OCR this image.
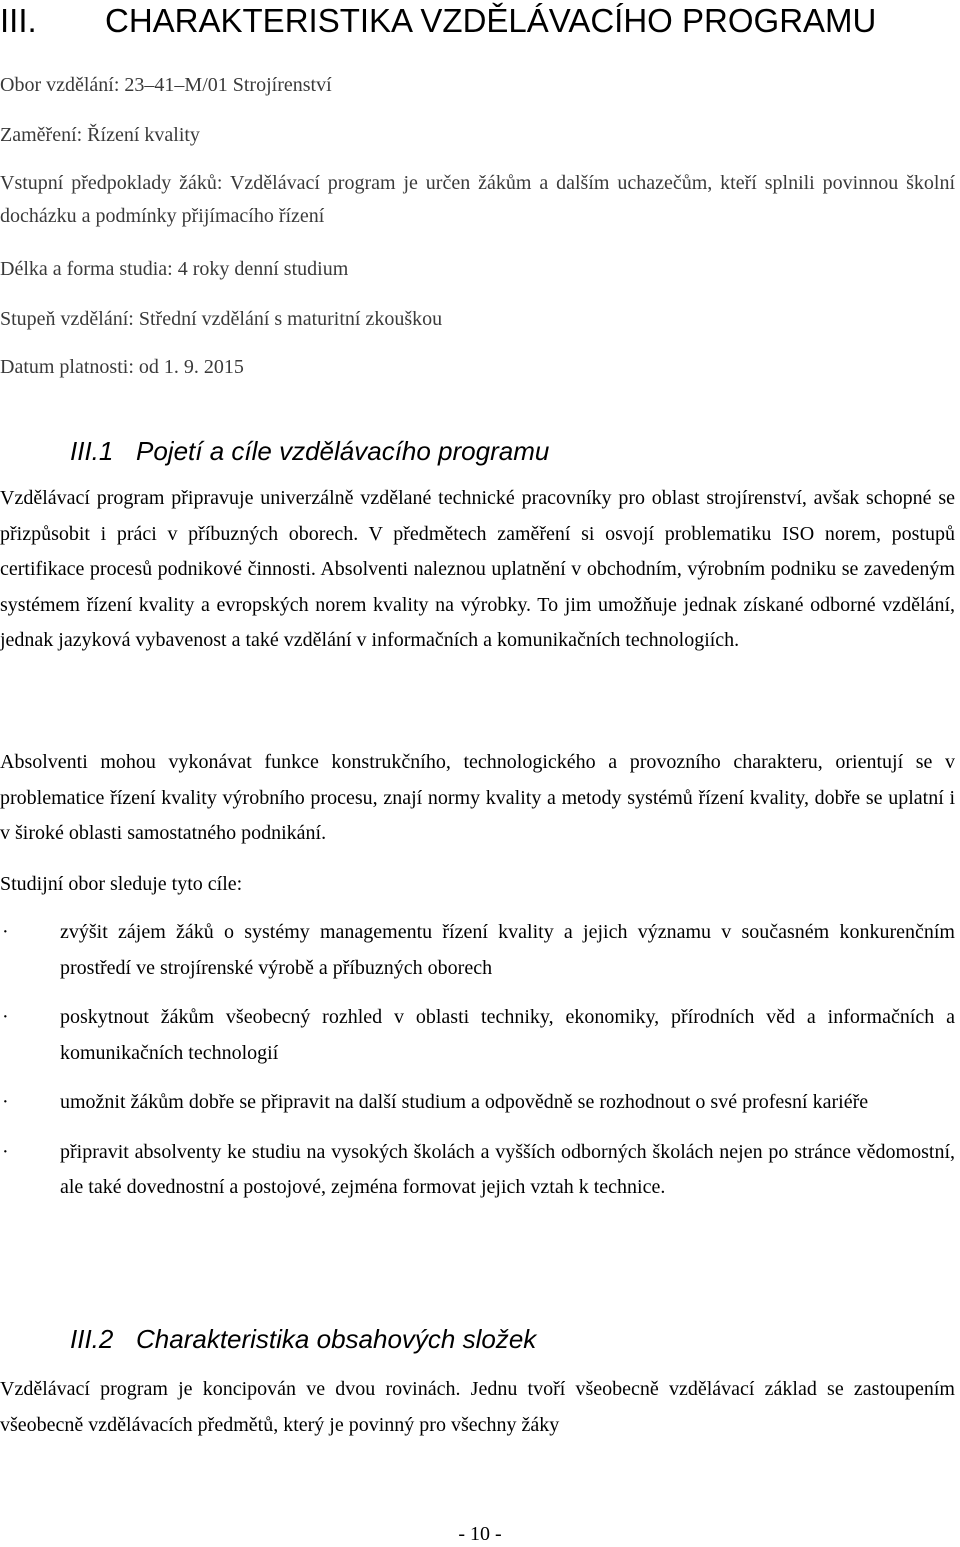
III. CHARAKTERISTIKA VZDĚLÁVACÍHO PROGRAMU

Obor vzdělání: 23–41–M/01 Strojírenství

Zaměření: Řízení kvality

Vstupní předpoklady žáků: Vzdělávací program je určen žákům a dalším uchazečům, kteří splnili povinnou školní docházku a podmínky přijímacího řízení

Délka a forma studia: 4 roky denní studium

Stupeň vzdělání: Střední vzdělání s maturitní zkouškou

Datum platnosti: od 1. 9. 2015

III.1 Pojetí a cíle vzdělávacího programu

Vzdělávací program připravuje univerzálně vzdělané technické pracovníky pro oblast strojírenství, avšak schopné se přizpůsobit i práci v příbuzných oborech. V předmětech zaměření si osvojí problematiku ISO norem, postupů certifikace procesů podnikové činnosti. Absolventi naleznou uplatnění v obchodním, výrobním podniku se zavedeným systémem řízení kvality a evropských norem kvality na výrobky. To jim umožňuje jednak získané odborné vzdělání, jednak jazyková vybavenost a také vzdělání v informačních a komunikačních technologiích.

Absolventi mohou vykonávat funkce konstrukčního, technologického a provozního charakteru, orientují se v problematice řízení kvality výrobního procesu, znají normy kvality a metody systémů řízení kvality, dobře se uplatní i v široké oblasti samostatného podnikání.

Studijní obor sleduje tyto cíle:

·	zvýšit zájem žáků o systémy managementu řízení kvality a jejich významu v současném konkurenčním prostředí ve strojírenské výrobě a příbuzných oborech
·	poskytnout žákům všeobecný rozhled v oblasti techniky, ekonomiky, přírodních věd a informačních a komunikačních technologií
·	umožnit žákům dobře se připravit na další studium a odpovědně se rozhodnout o své profesní kariéře
·	připravit absolventy ke studiu na vysokých školách a vyšších odborných školách nejen po stránce vědomostní, ale také dovednostní a postojové, zejména formovat jejich vztah k technice.
III.2 Charakteristika obsahových složek

Vzdělávací program je koncipován ve dvou rovinách. Jednu tvoří všeobecně vzdělávací základ se zastoupením všeobecně vzdělávacích předmětů, který je povinný pro všechny žáky

- 10 -
